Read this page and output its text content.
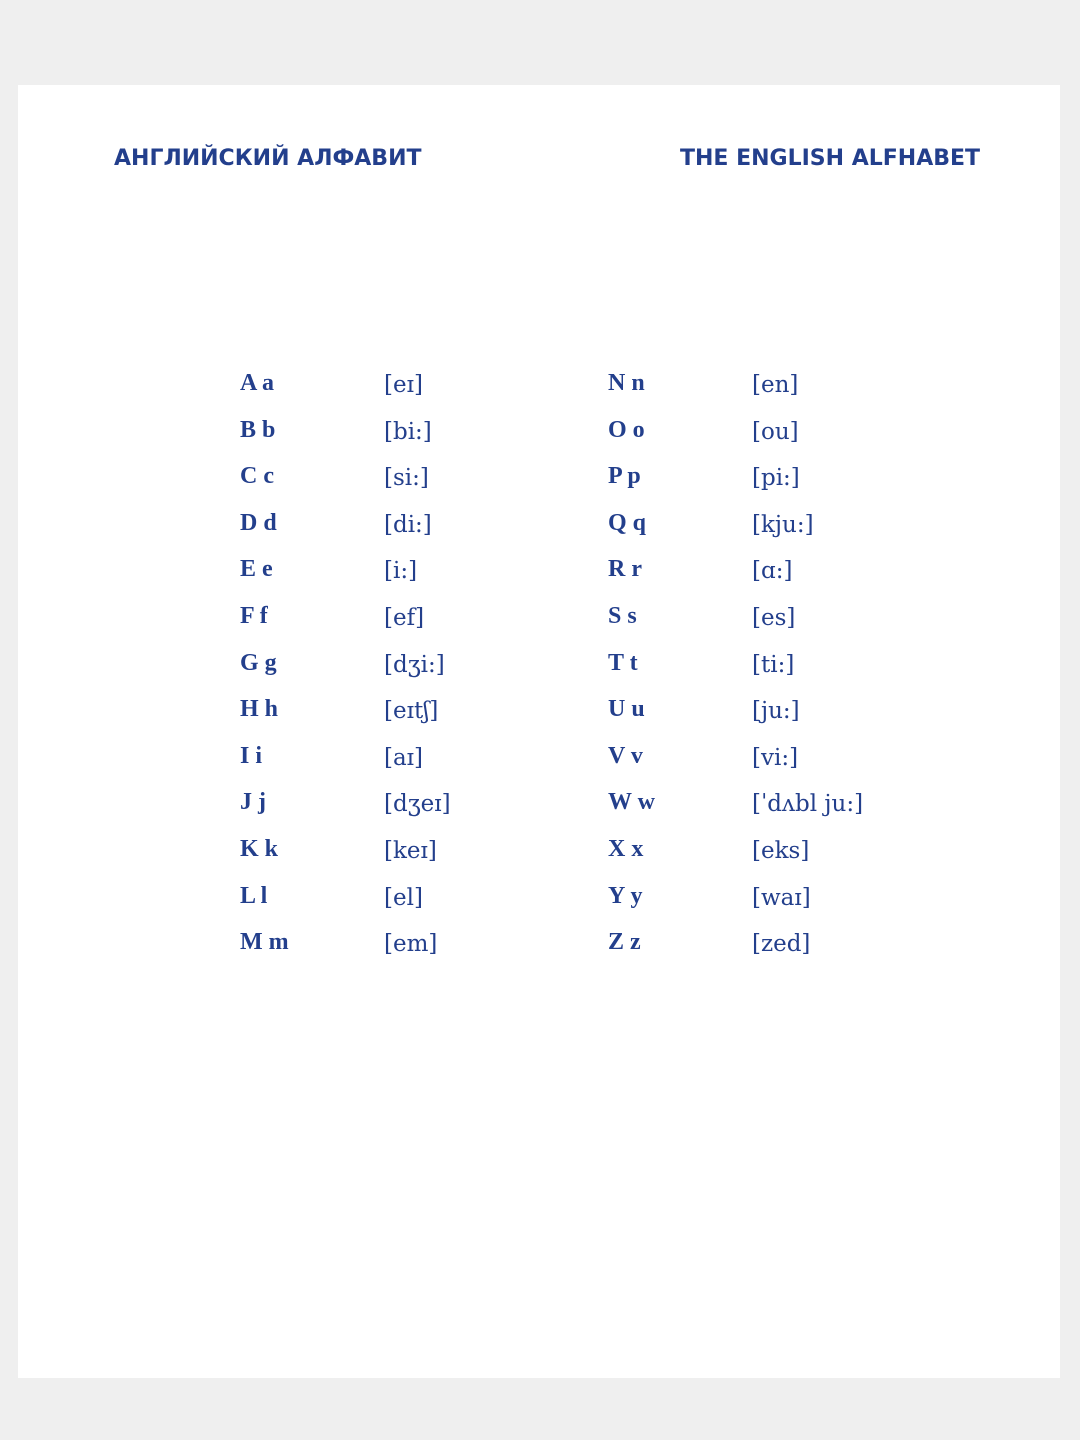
АНГЛИЙСКИЙ АЛФАВИТ	THE ENGLISH ALFHABET
A a	[eɪ]
B b	[bi:]
C c	[si:]
D d	[di:]
E e	[i:]
F f	[ef]
G g	[dʒi:]
H h	[eɪtʃ]
I i	[aɪ]
J j	[dʒeɪ]
K k	[keɪ]
L l	[el]
M m	[em]
N n	[en]
O o	[ou]
P p	[pi:]
Q q	[kju:]
R r	[ɑ:]
S s	[es]
T t	[ti:]
U u	[ju:]
V v	[vi:]
W w	[ˈdʌbl ju:]
X x	[eks]
Y y	[waɪ]
Z z	[zed]
